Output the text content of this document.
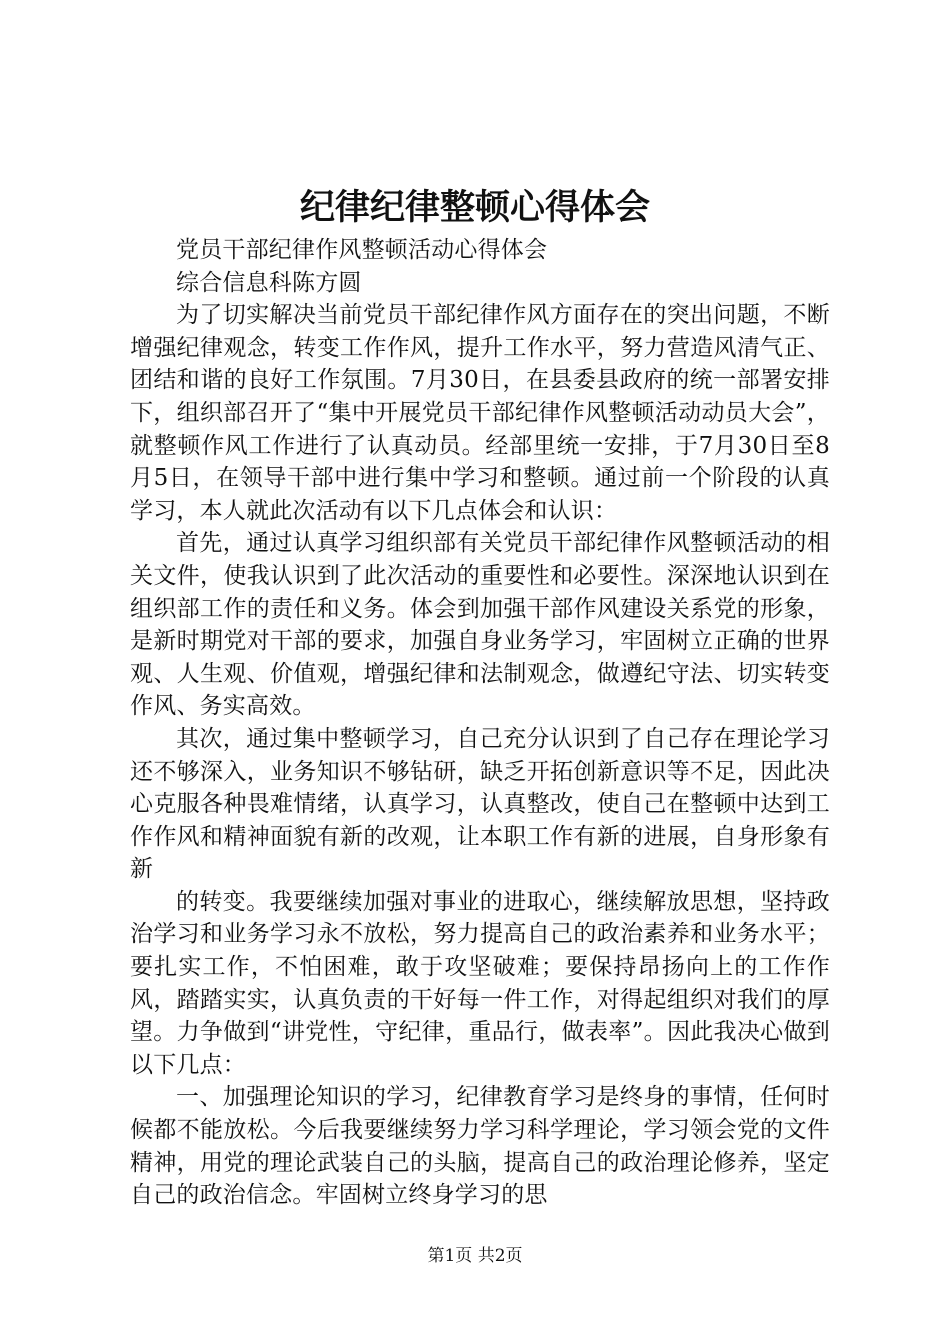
纪律纪律整顿心得体会

党员干部纪律作风整顿活动心得体会

综合信息科陈方圆

为了切实解决当前党员干部纪律作风方面存在的突出问题，不断增强纪律观念，转变工作作风，提升工作水平，努力营造风清气正、团结和谐的良好工作氛围。7月30日，在县委县政府的统一部署安排下，组织部召开了“集中开展党员干部纪律作风整顿活动动员大会”，就整顿作风工作进行了认真动员。经部里统一安排，于7月30日至8月5日，在领导干部中进行集中学习和整顿。通过前一个阶段的认真学习，本人就此次活动有以下几点体会和认识：

首先，通过认真学习组织部有关党员干部纪律作风整顿活动的相关文件，使我认识到了此次活动的重要性和必要性。深深地认识到在组织部工作的责任和义务。体会到加强干部作风建设关系党的形象，是新时期党对干部的要求，加强自身业务学习，牢固树立正确的世界观、人生观、价值观，增强纪律和法制观念，做遵纪守法、切实转变作风、务实高效。

其次，通过集中整顿学习，自己充分认识到了自己存在理论学习还不够深入，业务知识不够钻研，缺乏开拓创新意识等不足，因此决心克服各种畏难情绪，认真学习，认真整改，使自己在整顿中达到工作作风和精神面貌有新的改观，让本职工作有新的进展，自身形象有新

的转变。我要继续加强对事业的进取心，继续解放思想，坚持政治学习和业务学习永不放松，努力提高自己的政治素养和业务水平；要扎实工作，不怕困难，敢于攻坚破难；要保持昂扬向上的工作作风，踏踏实实，认真负责的干好每一件工作，对得起组织对我们的厚望。力争做到“讲党性，守纪律，重品行，做表率”。因此我决心做到以下几点：

一、加强理论知识的学习，纪律教育学习是终身的事情，任何时候都不能放松。今后我要继续努力学习科学理论，学习领会党的文件精神，用党的理论武装自己的头脑，提高自己的政治理论修养，坚定自己的政治信念。牢固树立终身学习的思

第1页 共2页
